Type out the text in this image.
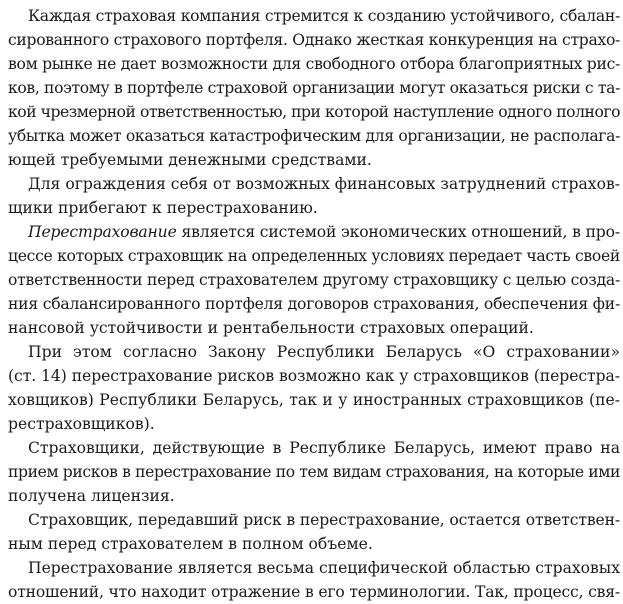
Каждая страховая компания стремится к созданию устойчивого, сбалан-
сированного страхового портфеля. Однако жесткая конкуренция на страхо-
вом рынке не дает возможности для свободного отбора благоприятных рис-
ков, поэтому в портфеле страховой организации могут оказаться риски с та-
кой чрезмерной ответственностью, при которой наступление одного полного
убытка может оказаться катастрофическим для организации, не располага-
ющей требуемыми денежными средствами.
Для ограждения себя от возможных финансовых затруднений страхов-
щики прибегают к перестрахованию.
Перестрахование является системой экономических отношений, в про-
цессе которых страховщик на определенных условиях передает часть своей
ответственности перед страхователем другому страховщику с целью созда-
ния сбалансированного портфеля договоров страхования, обеспечения фи-
нансовой устойчивости и рентабельности страховых операций.
При этом согласно Закону Республики Беларусь «О страховании»
(ст. 14) перестрахование рисков возможно как у страховщиков (перестра-
ховщиков) Республики Беларусь, так и у иностранных страховщиков (пе-
рестраховщиков).
Страховщики, действующие в Республике Беларусь, имеют право на
прием рисков в перестрахование по тем видам страхования, на которые ими
получена лицензия.
Страховщик, передавший риск в перестрахование, остается ответствен-
ным перед страхователем в полном объеме.
Перестрахование является весьма специфической областью страховых
отношений, что находит отражение в его терминологии. Так, процесс, свя-
